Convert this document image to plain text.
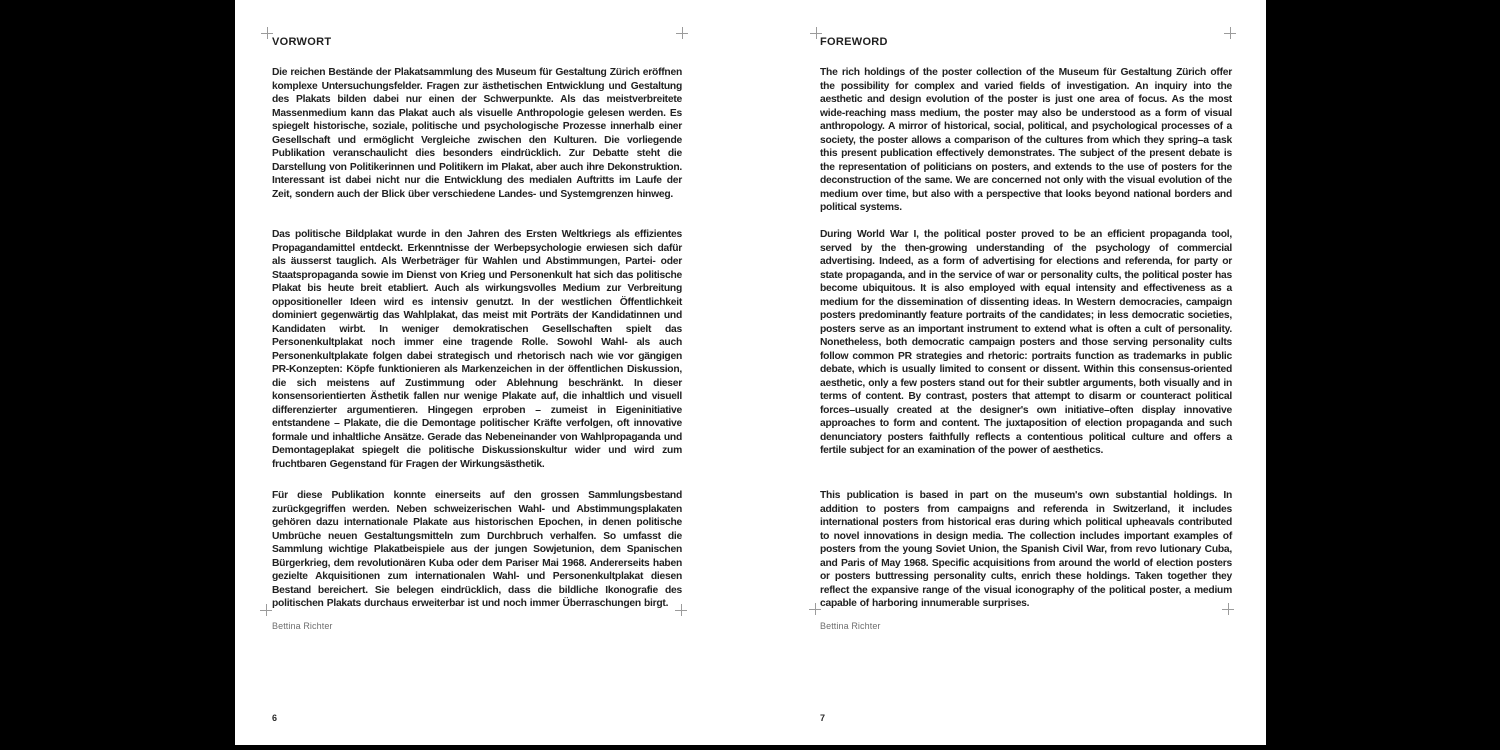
VORWORT

Die reichen Bestände der Plakatsammlung des Museum für Gestaltung Zürich eröffnen komplexe Untersuchungsfelder. Fragen zur ästhetischen Entwicklung und Gestaltung des Plakats bilden dabei nur einen der Schwerpunkte. Als das meistverbreitete Massenmedium kann das Plakat auch als visuelle Anthropologie gelesen werden. Es spiegelt historische, soziale, politische und psychologische Prozesse innerhalb einer Gesellschaft und ermöglicht Vergleiche zwischen den Kulturen. Die vorliegende Publikation veranschaulicht dies besonders eindrücklich. Zur Debatte steht die Darstellung von Politikerinnen und Politikern im Plakat, aber auch ihre Dekonstruktion. Interessant ist dabei nicht nur die Entwicklung des medialen Auftritts im Laufe der Zeit, sondern auch der Blick über verschiedene Landes- und Systemgrenzen hinweg.

Das politische Bildplakat wurde in den Jahren des Ersten Weltkriegs als effizientes Propagandamittel entdeckt. Erkenntnisse der Werbepsychologie erwiesen sich dafür als äusserst tauglich. Als Werbeträger für Wahlen und Abstimmungen, Partei- oder Staatspropaganda sowie im Dienst von Krieg und Personenkult hat sich das politische Plakat bis heute breit etabliert. Auch als wirkungsvolles Medium zur Verbreitung oppositioneller Ideen wird es intensiv genutzt. In der westlichen Öffentlichkeit dominiert gegenwärtig das Wahlplakat, das meist mit Porträts der Kandidatinnen und Kandidaten wirbt. In weniger demokratischen Gesellschaften spielt das Personenkultplakat noch immer eine tragende Rolle. Sowohl Wahl- als auch Personenkultplakate folgen dabei strategisch und rhetorisch nach wie vor gängigen PR-Konzepten: Köpfe funktionieren als Markenzeichen in der öffentlichen Diskussion, die sich meistens auf Zustimmung oder Ablehnung beschränkt. In dieser konsensorientierten Ästhetik fallen nur wenige Plakate auf, die inhaltlich und visuell differenzierter argumentieren. Hingegen erproben – zumeist in Eigeninitiative entstandene – Plakate, die die Demontage politischer Kräfte verfolgen, oft innovative formale und inhaltliche Ansätze. Gerade das Nebeneinander von Wahlpropaganda und Demontageplakat spiegelt die politische Diskussionskultur wider und wird zum fruchtbaren Gegenstand für Fragen der Wirkungsästhetik.

Für diese Publikation konnte einerseits auf den grossen Sammlungsbestand zurückgegriffen werden. Neben schweizerischen Wahl- und Abstimmungsplakaten gehören dazu internationale Plakate aus historischen Epochen, in denen politische Umbrüche neuen Gestaltungsmitteln zum Durchbruch verhalfen. So umfasst die Sammlung wichtige Plakatbeispiele aus der jungen Sowjetunion, dem Spanischen Bürgerkrieg, dem revolutionären Kuba oder dem Pariser Mai 1968. Andererseits haben gezielte Akquisitionen zum internationalen Wahl- und Personenkultplakat diesen Bestand bereichert. Sie belegen eindrücklich, dass die bildliche Ikonografie des politischen Plakats durchaus erweiterbar ist und noch immer Überraschungen birgt.

Bettina Richter
6
FOREWORD

The rich holdings of the poster collection of the Museum für Gestaltung Zürich offer the possibility for complex and varied fields of investigation. An inquiry into the aesthetic and design evolution of the poster is just one area of focus. As the most wide-reaching mass medium, the poster may also be understood as a form of visual anthropology. A mirror of historical, social, political, and psychological processes of a society, the poster allows a comparison of the cultures from which they spring–a task this present publication effectively demonstrates. The subject of the present debate is the representation of politicians on posters, and extends to the use of posters for the deconstruction of the same. We are concerned not only with the visual evolution of the medium over time, but also with a perspective that looks beyond national borders and political systems.

During World War I, the political poster proved to be an efficient propaganda tool, served by the then-growing understanding of the psychology of commercial advertising. Indeed, as a form of advertising for elections and referenda, for party or state propaganda, and in the service of war or personality cults, the political poster has become ubiquitous. It is also employed with equal intensity and effectiveness as a medium for the dissemination of dissenting ideas. In Western democracies, campaign posters predominantly feature portraits of the candidates; in less democratic societies, posters serve as an important instrument to extend what is often a cult of personality. Nonetheless, both democratic campaign posters and those serving personality cults follow common PR strategies and rhetoric: portraits function as trademarks in public debate, which is usually limited to consent or dissent. Within this consensus-oriented aesthetic, only a few posters stand out for their subtler arguments, both visually and in terms of content. By contrast, posters that attempt to disarm or counteract political forces–usually created at the designer's own initiative–often display innovative approaches to form and content. The juxtaposition of election propaganda and such denunciatory posters faithfully reflects a contentious political culture and offers a fertile subject for an examination of the power of aesthetics.

This publication is based in part on the museum's own substantial holdings. In addition to posters from campaigns and referenda in Switzerland, it includes international posters from historical eras during which political upheavals contributed to novel innovations in design media. The collection includes important examples of posters from the young Soviet Union, the Spanish Civil War, from revo lutionary Cuba, and Paris of May 1968. Specific acquisitions from around the world of election posters or posters buttressing personality cults, enrich these holdings. Taken together they reflect the expansive range of the visual iconography of the political poster, a medium capable of harboring innumerable surprises.

Bettina Richter
7
